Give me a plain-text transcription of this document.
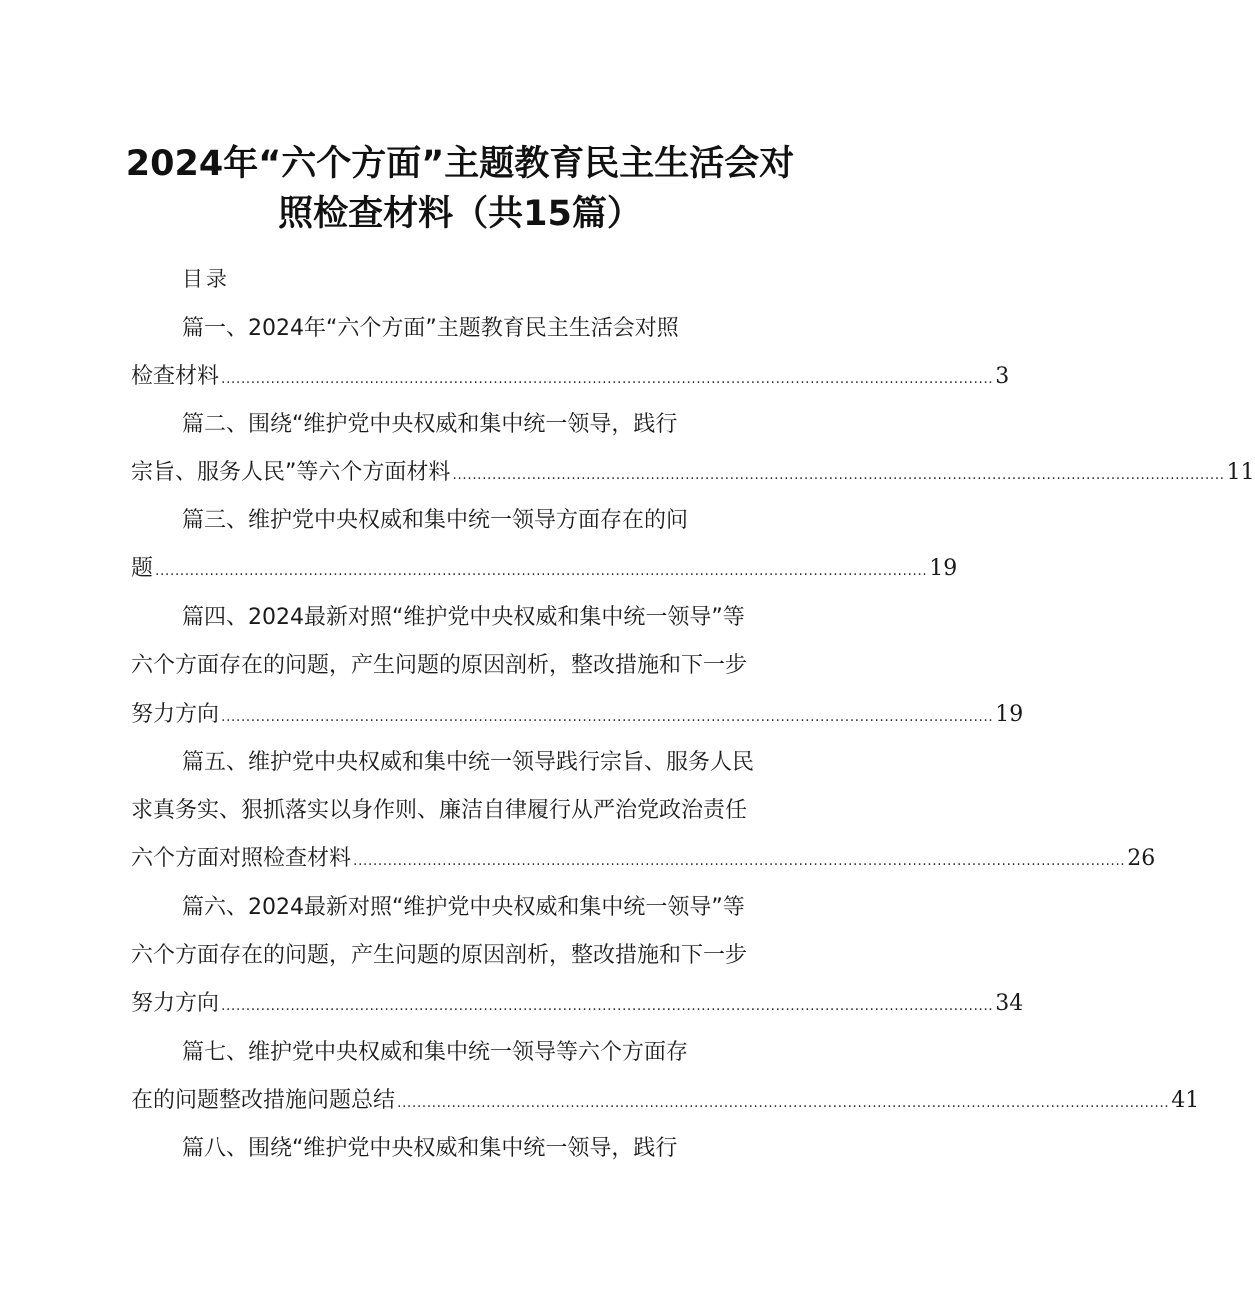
2024年“六个方面”主题教育民主生活会对
照检查材料（共15篇）
目录
篇一、2024年“六个方面”主题教育民主生活会对照
检查材料 ............................................................................................................................................................ 3
篇二、围绕“维护党中央权威和集中统一领导，践行
宗旨、服务人民”等六个方面材料 ............................................................................................................................................................ 11
篇三、维护党中央权威和集中统一领导方面存在的问
题 ............................................................................................................................................................ 19
篇四、2024最新对照“维护党中央权威和集中统一领导”等
六个方面存在的问题，产生问题的原因剖析，整改措施和下一步
努力方向 ............................................................................................................................................................ 19
篇五、维护党中央权威和集中统一领导践行宗旨、服务人民
求真务实、狠抓落实以身作则、廉洁自律履行从严治党政治责任
六个方面对照检查材料 ............................................................................................................................................................ 26
篇六、2024最新对照“维护党中央权威和集中统一领导”等
六个方面存在的问题，产生问题的原因剖析，整改措施和下一步
努力方向 ............................................................................................................................................................ 34
篇七、维护党中央权威和集中统一领导等六个方面存
在的问题整改措施问题总结 ............................................................................................................................................................ 41
篇八、围绕“维护党中央权威和集中统一领导，践行
